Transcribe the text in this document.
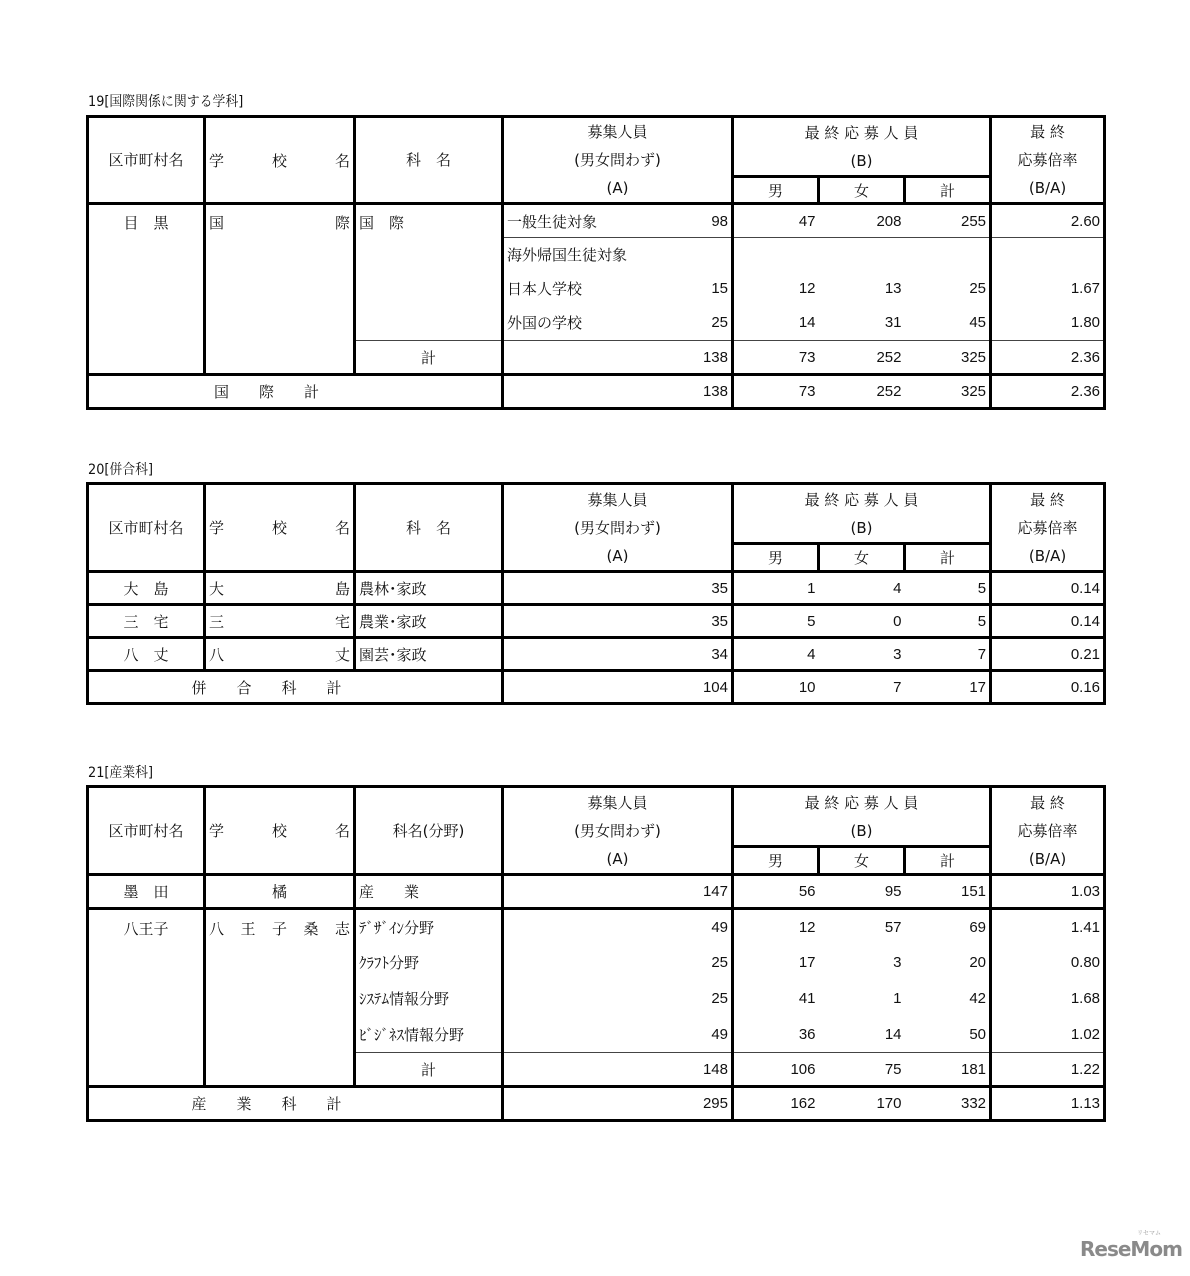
19[国際関係に関する学科]
区市町村名	学	校	名	科　名	
募集人員
(男女問わず)
(A)

最 終 応 募 人 員
(B)

最 終
応募倍率
(B/A)

				男	女	計	
目　黒	国 際	国　際	一般生徒対象 98	47	208	255	2.60
			海外帰国生徒対象				

			日本人学校 15	12	13	25	1.67

			外国の学校 25	14	31	45	1.80
		計	138	73	252	325	2.36
国　　際　　計			138	73	252	325	2.36
20[併合科]
区市町村名	学	校	名	科　名	
募集人員
(男女問わず)
(A)

最 終 応 募 人 員
(B)

最 終
応募倍率
(B/A)

				男	女	計	
大　島	大 島	農林･家政	35	1	4	5	0.14
三　宅	三 宅	農業･家政	35	5	0	5	0.14
八　丈	八 丈	園芸･家政	34	4	3	7	0.21
併　　合　　科　　計			104	10	7	17	0.16
21[産業科]
区市町村名	学	校	名	科名(分野)	
募集人員
(男女問わず)
(A)

最 終 応 募 人 員
(B)

最 終
応募倍率
(B/A)

				男	女	計	
墨　田	橘	産　　業	147	56	95	151	1.03
八王子	八 王 子 桑 志	ﾃﾞｻﾞｲﾝ分野	49	12	57	69	1.41
		ｸﾗﾌﾄ分野	25	17	3	20	0.80
		ｼｽﾃﾑ情報分野	25	41	1	42	1.68
		ﾋﾞｼﾞﾈｽ情報分野	49	36	14	50	1.02
		計	148	106	75	181	1.22
産　　業　　科　　計			295	162	170	332	1.13
リセマム
ReseMom
